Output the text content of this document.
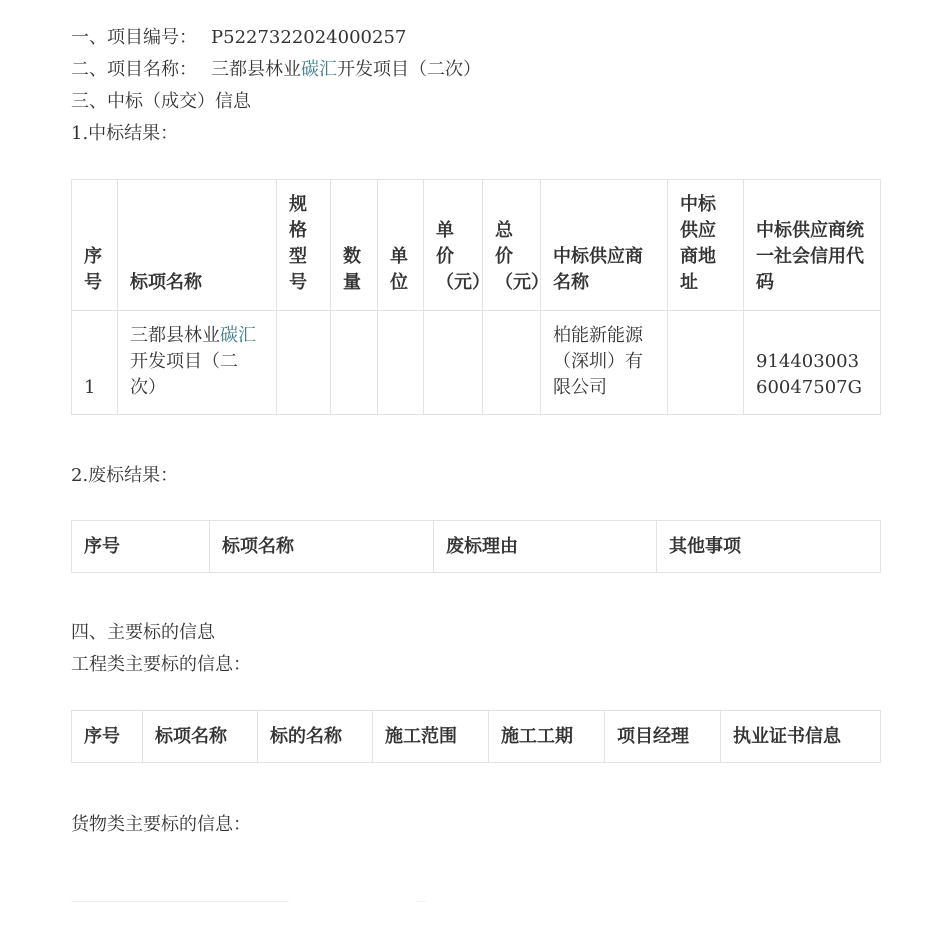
一、项目编号： P5227322024000257
二、项目名称： 三都县林业碳汇开发项目（二次）
三、中标（成交）信息
1.中标结果：
序号	标项名称	规格型号	数量	单位	单价（元）	总价（元）	中标供应商名称	中标供应商地址	中标供应商统一社会信用代码
1	三都县林业碳汇开发项目（二次）						柏能新能源（深圳）有限公司		91440300360047507G
2.废标结果：
序号	标项名称	废标理由	其他事项
四、主要标的信息
工程类主要标的信息：
序号	标项名称	标的名称	施工范围	施工工期	项目经理	执业证书信息
货物类主要标的信息：
